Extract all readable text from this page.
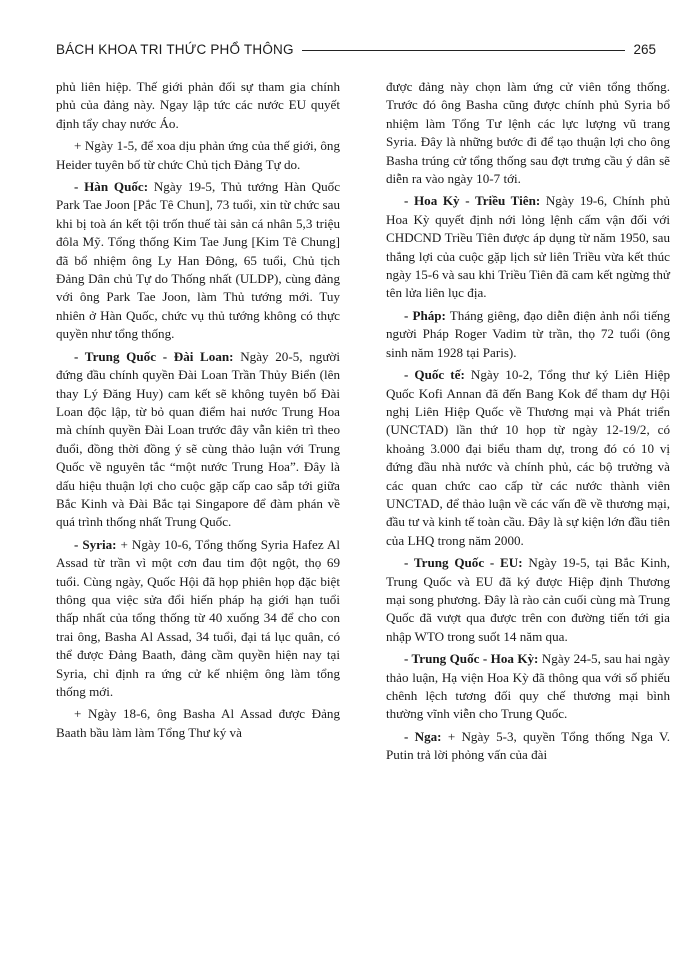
BÁCH KHOA TRI THỨC PHỔ THÔNG	265

phủ liên hiệp. Thế giới phản đối sự tham gia chính phủ của đảng này. Ngay lập tức các nước EU quyết định tẩy chay nước Áo.

+ Ngày 1-5, để xoa dịu phản ứng của thế giới, ông Heider tuyên bố từ chức Chủ tịch Đảng Tự do.

- Hàn Quốc: Ngày 19-5, Thủ tướng Hàn Quốc Park Tae Joon [Pắc Tê Chun], 73 tuổi, xin từ chức sau khi bị toà án kết tội trốn thuế tài sản cá nhân 5,3 triệu đôla Mỹ. Tổng thống Kim Tae Jung [Kim Tê Chung] đã bổ nhiệm ông Ly Han Đông, 65 tuổi, Chủ tịch Đảng Dân chủ Tự do Thống nhất (ULDP), cùng đảng với ông Park Tae Joon, làm Thủ tướng mới. Tuy nhiên ở Hàn Quốc, chức vụ thủ tướng không có thực quyền như tổng thống.

- Trung Quốc - Đài Loan: Ngày 20-5, người đứng đầu chính quyền Đài Loan Trần Thủy Biển (lên thay Lý Đăng Huy) cam kết sẽ không tuyên bố Đài Loan độc lập, từ bỏ quan điểm hai nước Trung Hoa mà chính quyền Đài Loan trước đây vẫn kiên trì theo đuổi, đồng thời đồng ý sẽ cùng thảo luận với Trung Quốc về nguyên tắc “một nước Trung Hoa”. Đây là dấu hiệu thuận lợi cho cuộc gặp cấp cao sắp tới giữa Bắc Kinh và Đài Bắc tại Singapore để đàm phán về quá trình thống nhất Trung Quốc.

- Syria: + Ngày 10-6, Tổng thống Syria Hafez Al Assad từ trần vì một cơn đau tim đột ngột, thọ 69 tuổi. Cùng ngày, Quốc Hội đã họp phiên họp đặc biệt thông qua việc sửa đổi hiến pháp hạ giới hạn tuổi thấp nhất của tổng thống từ 40 xuống 34 để cho con trai ông, Basha Al Assad, 34 tuổi, đại tá lục quân, có thể được Đảng Baath, đảng cầm quyền hiện nay tại Syria, chỉ định ra ứng cử kế nhiệm ông làm tổng thống mới.

+ Ngày 18-6, ông Basha Al Assad được Đảng Baath bầu làm làm Tổng Thư ký và

được đảng này chọn làm ứng cử viên tổng thống. Trước đó ông Basha cũng được chính phủ Syria bổ nhiệm làm Tổng Tư lệnh các lực lượng vũ trang Syria. Đây là những bước đi để tạo thuận lợi cho ông Basha trúng cử tổng thống sau đợt trưng cầu ý dân sẽ diễn ra vào ngày 10-7 tới.

- Hoa Kỳ - Triều Tiên: Ngày 19-6, Chính phủ Hoa Kỳ quyết định nới lỏng lệnh cấm vận đối với CHDCND Triều Tiên được áp dụng từ năm 1950, sau thắng lợi của cuộc gặp lịch sử liên Triều vừa kết thúc ngày 15-6 và sau khi Triều Tiên đã cam kết ngừng thử tên lửa liên lục địa.

- Pháp: Tháng giêng, đạo diễn điện ảnh nổi tiếng người Pháp Roger Vadim từ trần, thọ 72 tuổi (ông sinh năm 1928 tại Paris).

- Quốc tế: Ngày 10-2, Tổng thư ký Liên Hiệp Quốc Kofi Annan đã đến Bang Kok để tham dự Hội nghị Liên Hiệp Quốc về Thương mại và Phát triển (UNCTAD) lần thứ 10 họp từ ngày 12-19/2, có khoảng 3.000 đại biểu tham dự, trong đó có 10 vị đứng đầu nhà nước và chính phủ, các bộ trưởng và các quan chức cao cấp từ các nước thành viên UNCTAD, để thảo luận về các vấn đề về thương mại, đầu tư và kinh tế toàn cầu. Đây là sự kiện lớn đầu tiên của LHQ trong năm 2000.

- Trung Quốc - EU: Ngày 19-5, tại Bắc Kinh, Trung Quốc và EU đã ký được Hiệp định Thương mại song phương. Đây là rào cản cuối cùng mà Trung Quốc đã vượt qua được trên con đường tiến tới gia nhập WTO trong suốt 14 năm qua.

- Trung Quốc - Hoa Kỳ: Ngày 24-5, sau hai ngày thảo luận, Hạ viện Hoa Kỳ đã thông qua với số phiếu chênh lệch tương đối quy chế thương mại bình thường vĩnh viễn cho Trung Quốc.

- Nga: + Ngày 5-3, quyền Tổng thống Nga V. Putin trả lời phỏng vấn của đài
